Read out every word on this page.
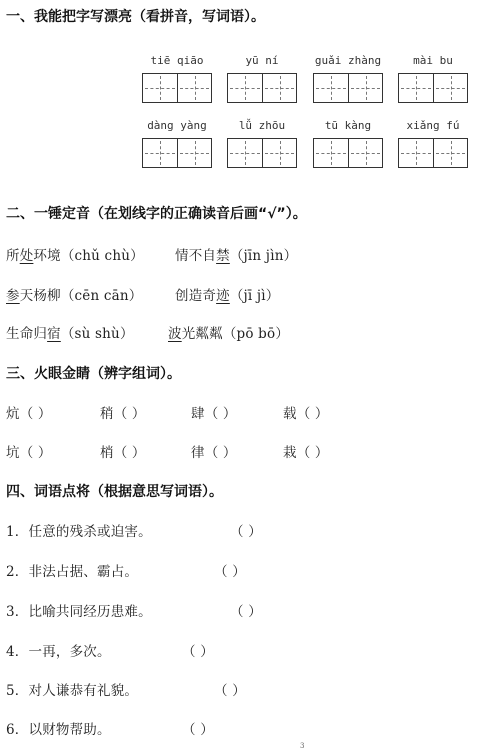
一、我能把字写漂亮（看拼音，写词语）。
tiē qiāo	yū ní	guǎi zhàng	mài bu
dàng yàng	lǚ zhōu	tū kàng	xiǎng fú
二、一锤定音（在划线字的正确读音后画“√”）。
所处环境（chǔ chù） 情不自禁（jīn jìn）
参天杨柳（cēn cān） 创造奇迹（jī jì）
生命归宿（sù shù）	波光粼粼（pō bō）
三、火眼金睛（辨字组词）。
炕（ ）	稍（ ）	肆（ ）	载（ ）
坑（ ）	梢（ ）	律（ ）	栽（ ）
四、词语点将（根据意思写词语）。
1．任意的残杀或迫害。	（ ）
2．非法占据、霸占。	（ ）
3．比喻共同经历患难。	（ ）
4．一再，多次。	（ ）
5．对人谦恭有礼貌。	（ ）
6．以财物帮助。	（ ）
3
